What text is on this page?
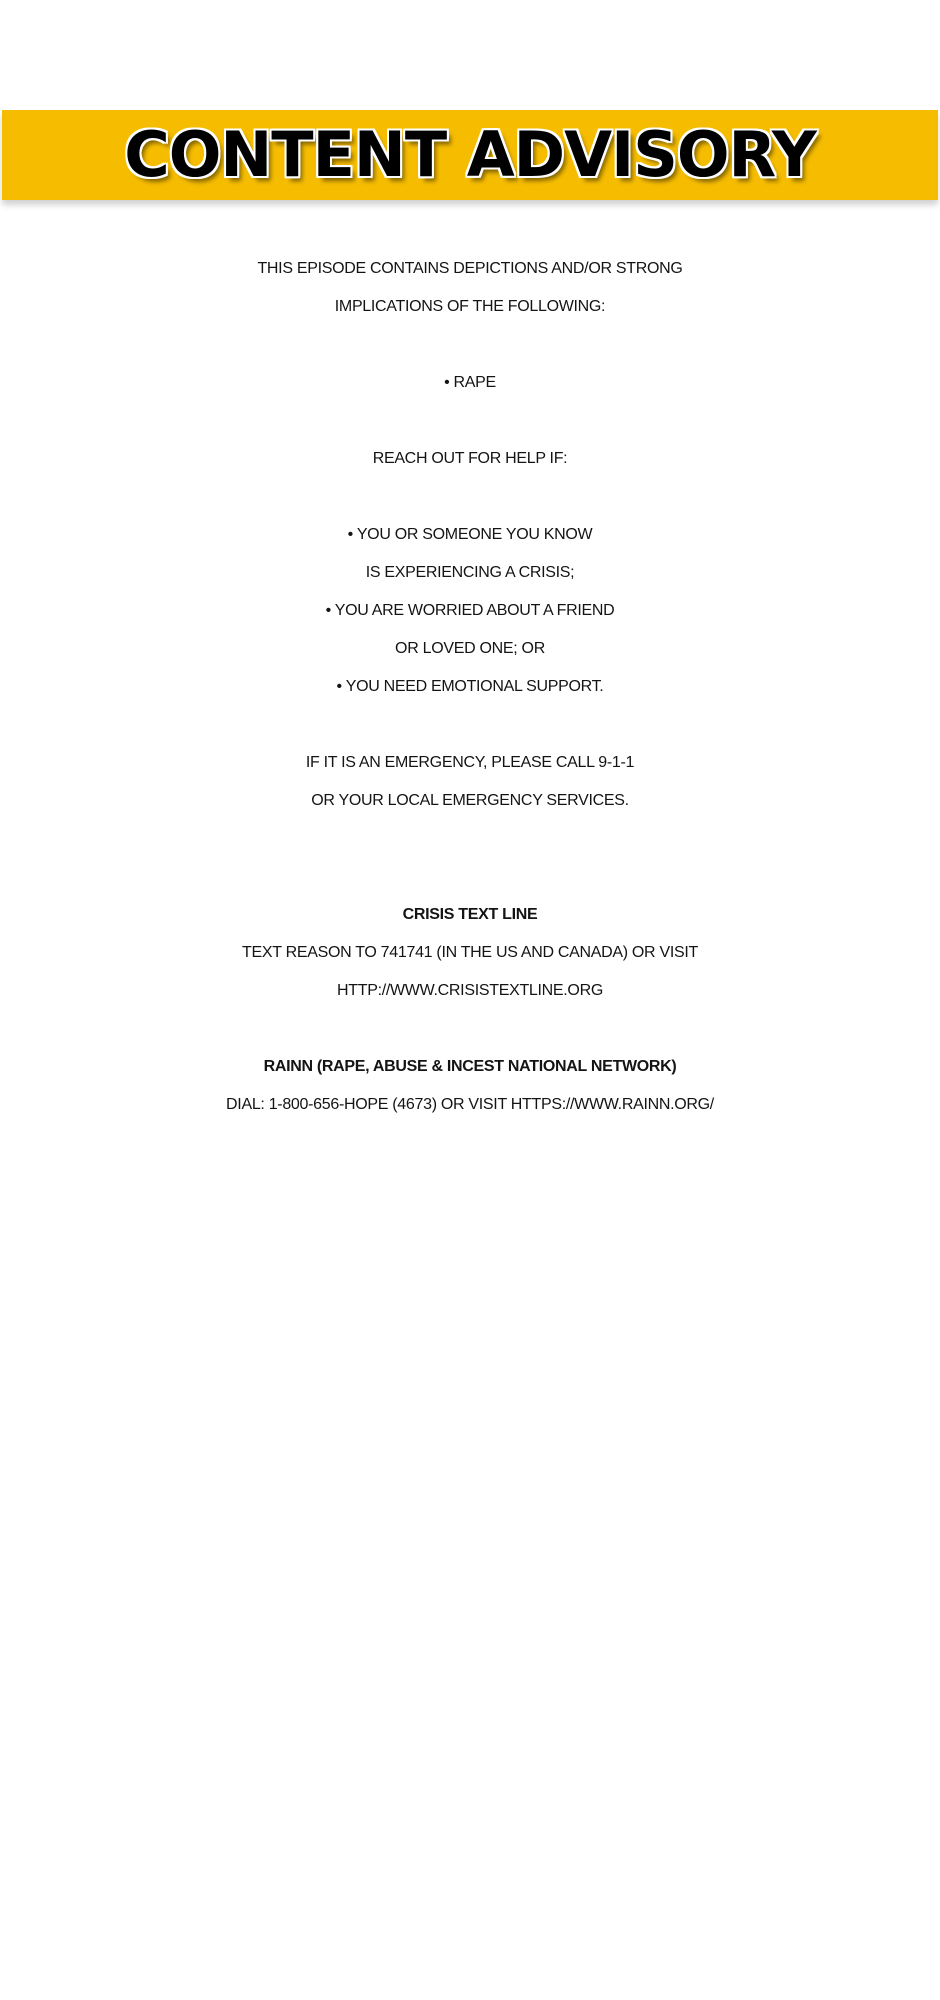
CONTENT ADVISORY
THIS EPISODE CONTAINS DEPICTIONS AND/OR STRONG
IMPLICATIONS OF THE FOLLOWING:
• RAPE
REACH OUT FOR HELP IF:
• YOU OR SOMEONE YOU KNOW
IS EXPERIENCING A CRISIS;
• YOU ARE WORRIED ABOUT A FRIEND
OR LOVED ONE; OR
• YOU NEED EMOTIONAL SUPPORT.
IF IT IS AN EMERGENCY, PLEASE CALL 9-1-1
OR YOUR LOCAL EMERGENCY SERVICES.
CRISIS TEXT LINE
TEXT REASON TO 741741 (IN THE US AND CANADA) OR VISIT
HTTP://WWW.CRISISTEXTLINE.ORG
RAINN (RAPE, ABUSE & INCEST NATIONAL NETWORK)
DIAL: 1-800-656-HOPE (4673) OR VISIT HTTPS://WWW.RAINN.ORG/
